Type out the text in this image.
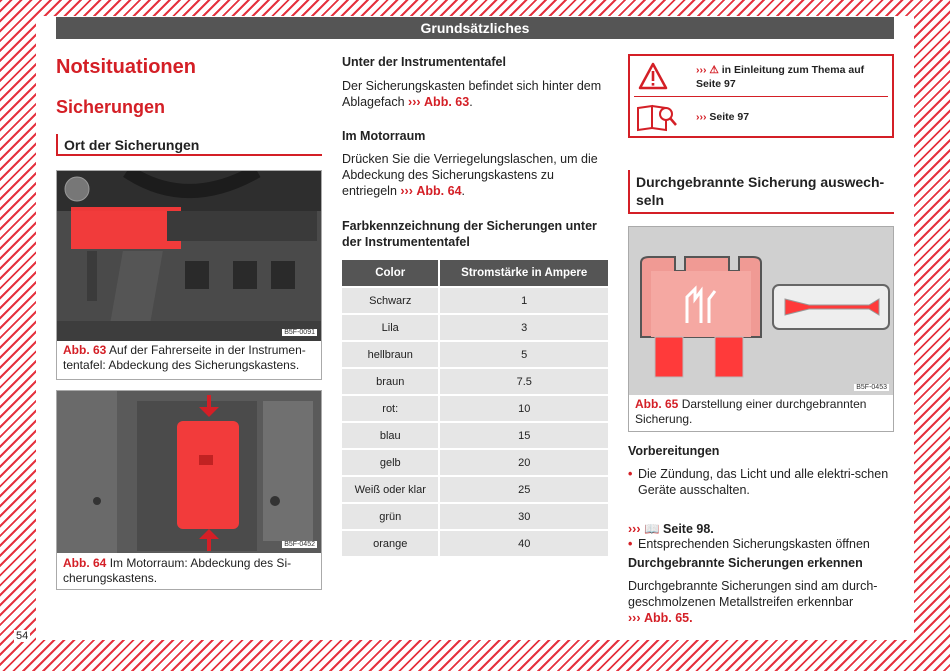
Grundsätzliches
54
Notsituationen
Sicherungen
Ort der Sicherungen
B5F-0091
Abb. 63 Auf der Fahrerseite in der Instrumen-tentafel: Abdeckung des Sicherungskastens.
B5F-0452
Abb. 64 Im Motorraum: Abdeckung des Si-cherungskastens.
Unter der Instrumententafel
Der Sicherungskasten befindet sich hinter dem Ablagefach ››› Abb. 63.
Im Motorraum
Drücken Sie die Verriegelungslaschen, um die Abdeckung des Sicherungskastens zu entriegeln ››› Abb. 64.
Farbkennzeichnung der Sicherungen unter der Instrumententafel
Color	Stromstärke in Ampere
Schwarz	1
Lila	3
hellbraun	5
braun	7.5
rot:	10
blau	15
gelb	20
Weiß oder klar	25
grün	30
orange	40
››› ⚠ in Einleitung zum Thema auf
Seite 97
››› Seite 97
Durchgebrannte Sicherung auswech-seln
B5F-0453
Abb. 65 Darstellung einer durchgebrannten Sicherung.
Vorbereitungen
• Die Zündung, das Licht und alle elektri-schen Geräte ausschalten.
• Entsprechenden Sicherungskasten öffnen
››› 📖 Seite 98.
Durchgebrannte Sicherungen erkennen
Durchgebrannte Sicherungen sind am durch-geschmolzenen Metallstreifen erkennbar
››› Abb. 65.
